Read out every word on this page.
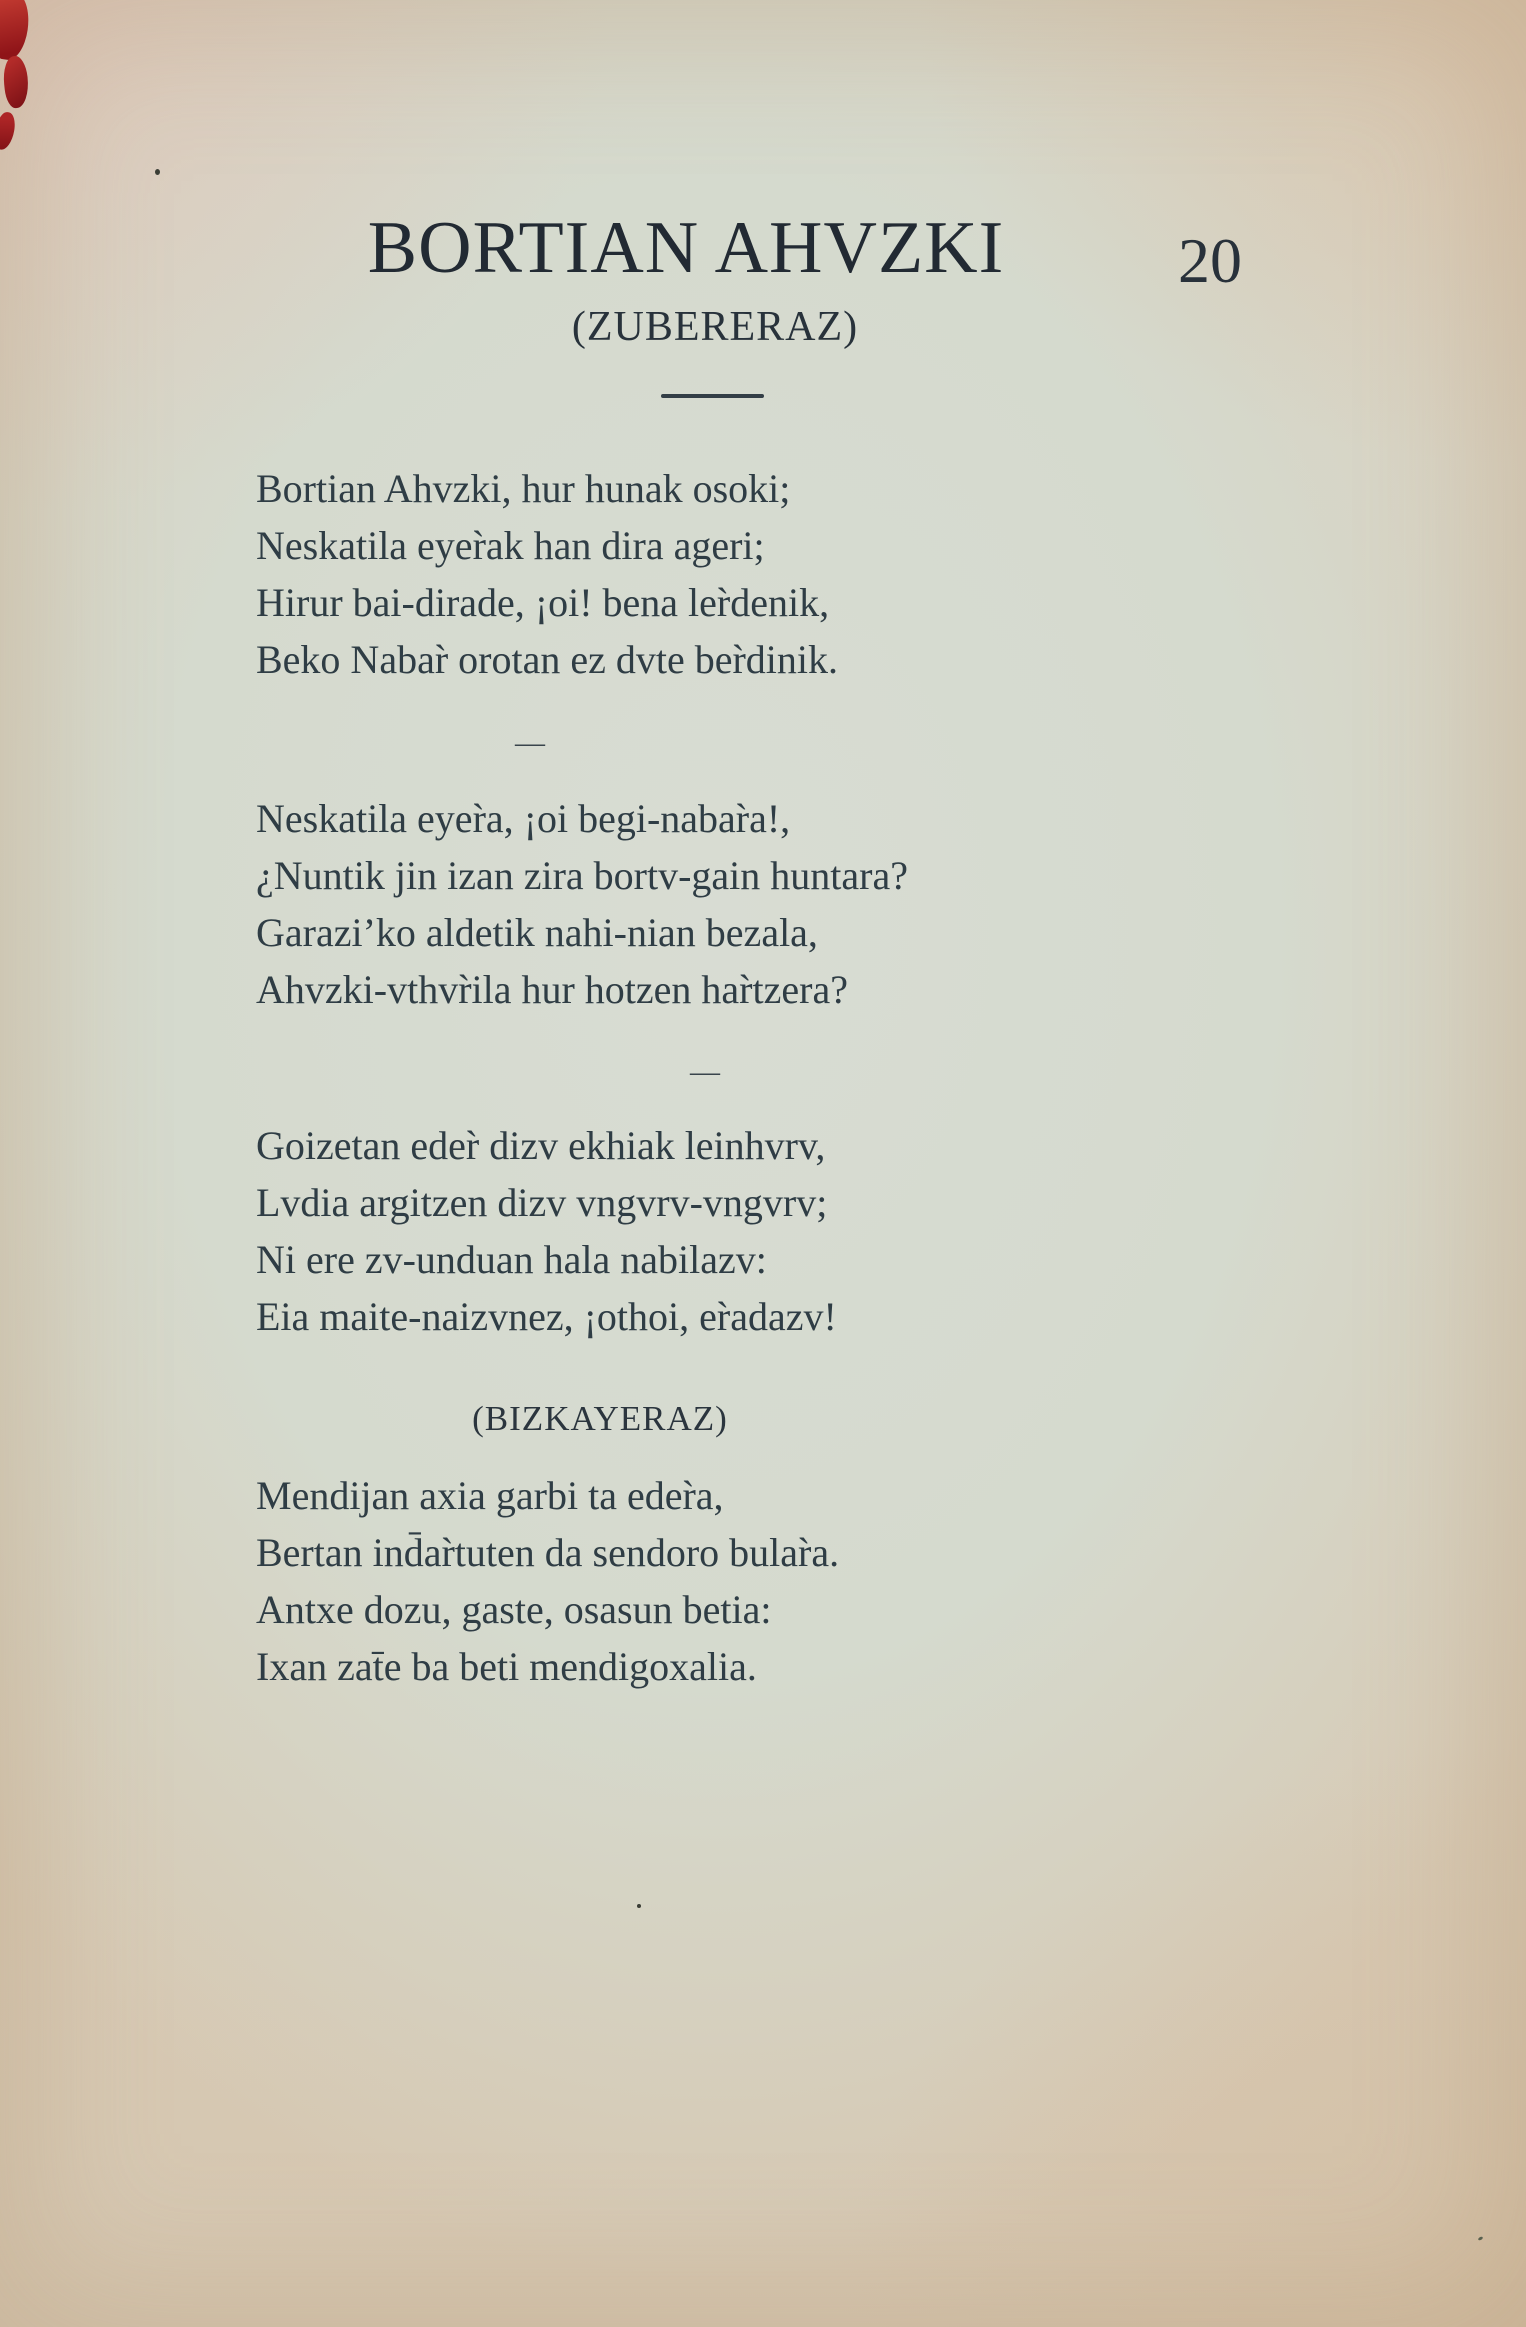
BORTIAN AHVZKI	20
(ZUBERERAZ)
Bortian Ahvzki, hur hunak osoki;
Neskatila eyer̀ak han dira ageri;
Hirur bai-dirade, ¡oi! bena ler̀denik,
Beko Nabar̀ orotan ez dvte ber̀dinik.
—
Neskatila eyer̀a, ¡oi begi-nabar̀a!,
¿Nuntik jin izan zira bortv-gain huntara?
Garazi’ko aldetik nahi-nian bezala,
Ahvzki-vthvr̀ila hur hotzen har̀tzera?
—
Goizetan eder̀ dizv ekhiak leinhvrv,
Lvdia argitzen dizv vngvrv-vngvrv;
Ni ere zv-unduan hala nabilazv:
Eia maite-naizvnez, ¡othoi, er̀adazv!
(BIZKAYERAZ)
Mendijan axia garbi ta eder̀a,
Bertan ind̄ar̀tuten da sendoro bular̀a.
Antxe dozu, gaste, osasun betia:
Ixan zat̄e ba beti mendigoxalia.
